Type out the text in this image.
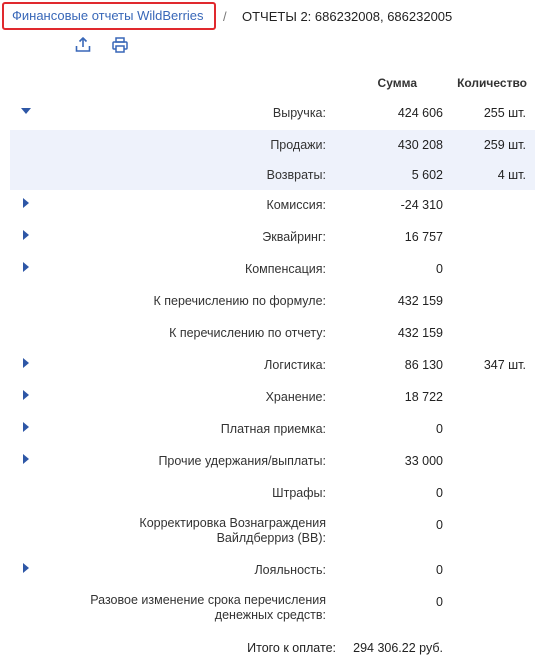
Финансовые отчеты WildBerries	/ ОТЧЕТЫ 2: 686232008, 686232005
Сумма	Количество
Выручка:	424 606	255 шт.
Продажи:	430 208	259 шт.
Возвраты:	5 602	4 шт.
Комиссия:	-24 310
Эквайринг:	16 757
Компенсация:	0
К перечислению по формуле:	432 159
К перечислению по отчету:	432 159
Логистика:	86 130	347 шт.
Хранение:	18 722
Платная приемка:	0
Прочие удержания/выплаты:	33 000
Штрафы:	0
Корректировка Вознаграждения
Вайлдберриз (ВВ):
0
Лояльность:	0
Разовое изменение срока перечисления
денежных средств:
0
Итого к оплате: 294 306.22 руб.
